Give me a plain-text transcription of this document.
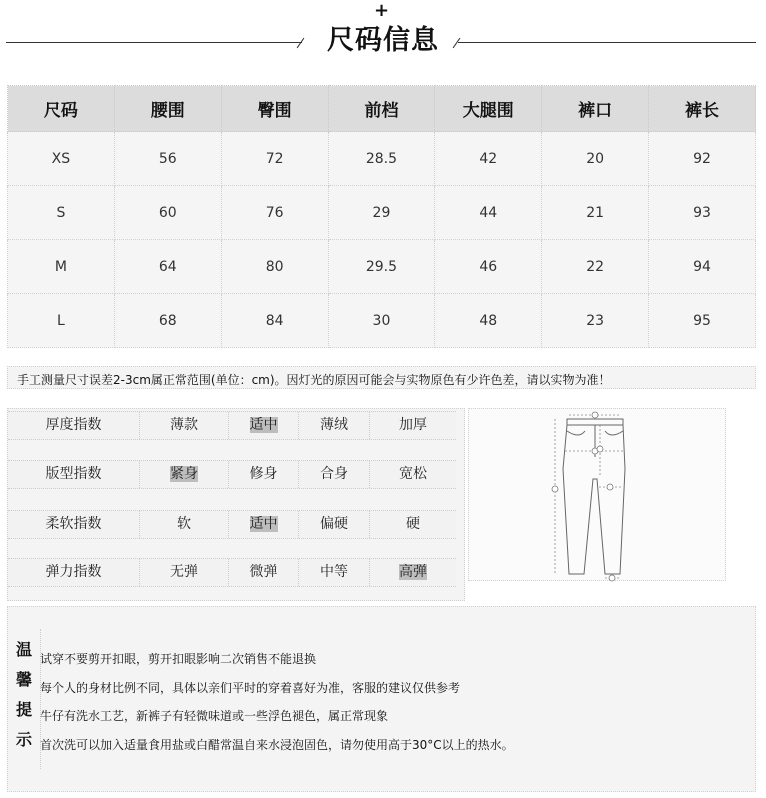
+
尺码信息
尺码	腰围	臀围	前档	大腿围	裤口	裤长
XS	56	72	28.5	42	20	92
S	60	76	29	44	21	93
M	64	80	29.5	46	22	94
L	68	84	30	48	23	95
手工测量尺寸误差2-3cm属正常范围(单位：cm)。因灯光的原因可能会与实物原色有少许色差，请以实物为准！
厚度指数	薄款	适中	薄绒	加厚
版型指数	紧身	修身	合身	宽松
柔软指数	软	适中	偏硬	硬
弹力指数	无弹	微弹	中等	高弹
温
馨
提
示
试穿不要剪开扣眼，剪开扣眼影响二次销售不能退换
每个人的身材比例不同，具体以亲们平时的穿着喜好为准，客服的建议仅供参考
牛仔有洗水工艺，新裤子有轻微味道或一些浮色褪色，属正常现象
首次洗可以加入适量食用盐或白醋常温自来水浸泡固色，请勿使用高于30°C以上的热水。
